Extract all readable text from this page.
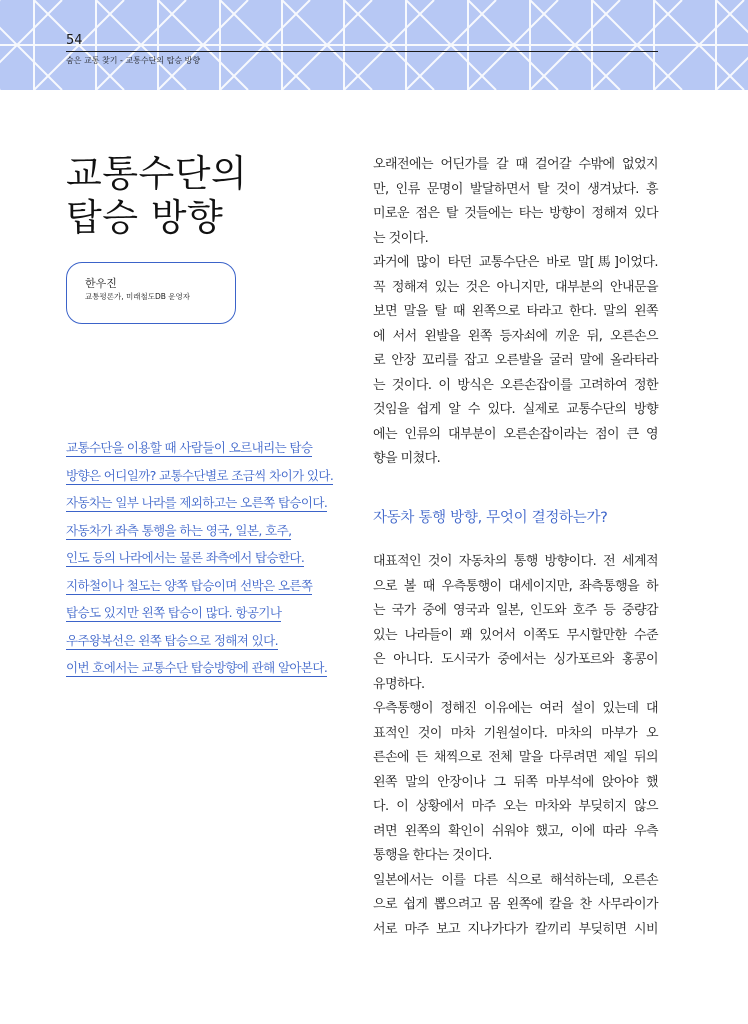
54
숨은 교통 찾기 - 교통수단의 탑승 방향
교통수단의
탑승 방향
한우진
교통평론가, 미래철도DB 운영자
교통수단을 이용할 때 사람들이 오르내리는 탑승
방향은 어디일까? 교통수단별로 조금씩 차이가 있다.
자동차는 일부 나라를 제외하고는 오른쪽 탑승이다.
자동차가 좌측 통행을 하는 영국, 일본, 호주,
인도 등의 나라에서는 물론 좌측에서 탑승한다.
지하철이나 철도는 양쪽 탑승이며 선박은 오른쪽
탑승도 있지만 왼쪽 탑승이 많다. 항공기나
우주왕복선은 왼쪽 탑승으로 정해져 있다.
이번 호에서는 교통수단 탑승방향에 관해 알아본다.
오래전에는 어딘가를 갈 때 걸어갈 수밖에 없었지
만, 인류 문명이 발달하면서 탈 것이 생겨났다. 흥
미로운 점은 탈 것들에는 타는 방향이 정해져 있다
는 것이다.
과거에 많이 타던 교통수단은 바로 말[馬]이었다.
꼭 정해져 있는 것은 아니지만, 대부분의 안내문을
보면 말을 탈 때 왼쪽으로 타라고 한다. 말의 왼쪽
에 서서 왼발을 왼쪽 등자쇠에 끼운 뒤, 오른손으
로 안장 꼬리를 잡고 오른발을 굴러 말에 올라타라
는 것이다. 이 방식은 오른손잡이를 고려하여 정한
것임을 쉽게 알 수 있다. 실제로 교통수단의 방향
에는 인류의 대부분이 오른손잡이라는 점이 큰 영
향을 미쳤다.
자동차 통행 방향, 무엇이 결정하는가?
대표적인 것이 자동차의 통행 방향이다. 전 세계적
으로 볼 때 우측통행이 대세이지만, 좌측통행을 하
는 국가 중에 영국과 일본, 인도와 호주 등 중량감
있는 나라들이 꽤 있어서 이쪽도 무시할만한 수준
은 아니다. 도시국가 중에서는 싱가포르와 홍콩이
유명하다.
우측통행이 정해진 이유에는 여러 설이 있는데 대
표적인 것이 마차 기원설이다. 마차의 마부가 오
른손에 든 채찍으로 전체 말을 다루려면 제일 뒤의
왼쪽 말의 안장이나 그 뒤쪽 마부석에 앉아야 했
다. 이 상황에서 마주 오는 마차와 부딪히지 않으
려면 왼쪽의 확인이 쉬워야 했고, 이에 따라 우측
통행을 한다는 것이다.
일본에서는 이를 다른 식으로 해석하는데, 오른손
으로 쉽게 뽑으려고 몸 왼쪽에 칼을 찬 사무라이가
서로 마주 보고 지나가다가 칼끼리 부딪히면 시비
